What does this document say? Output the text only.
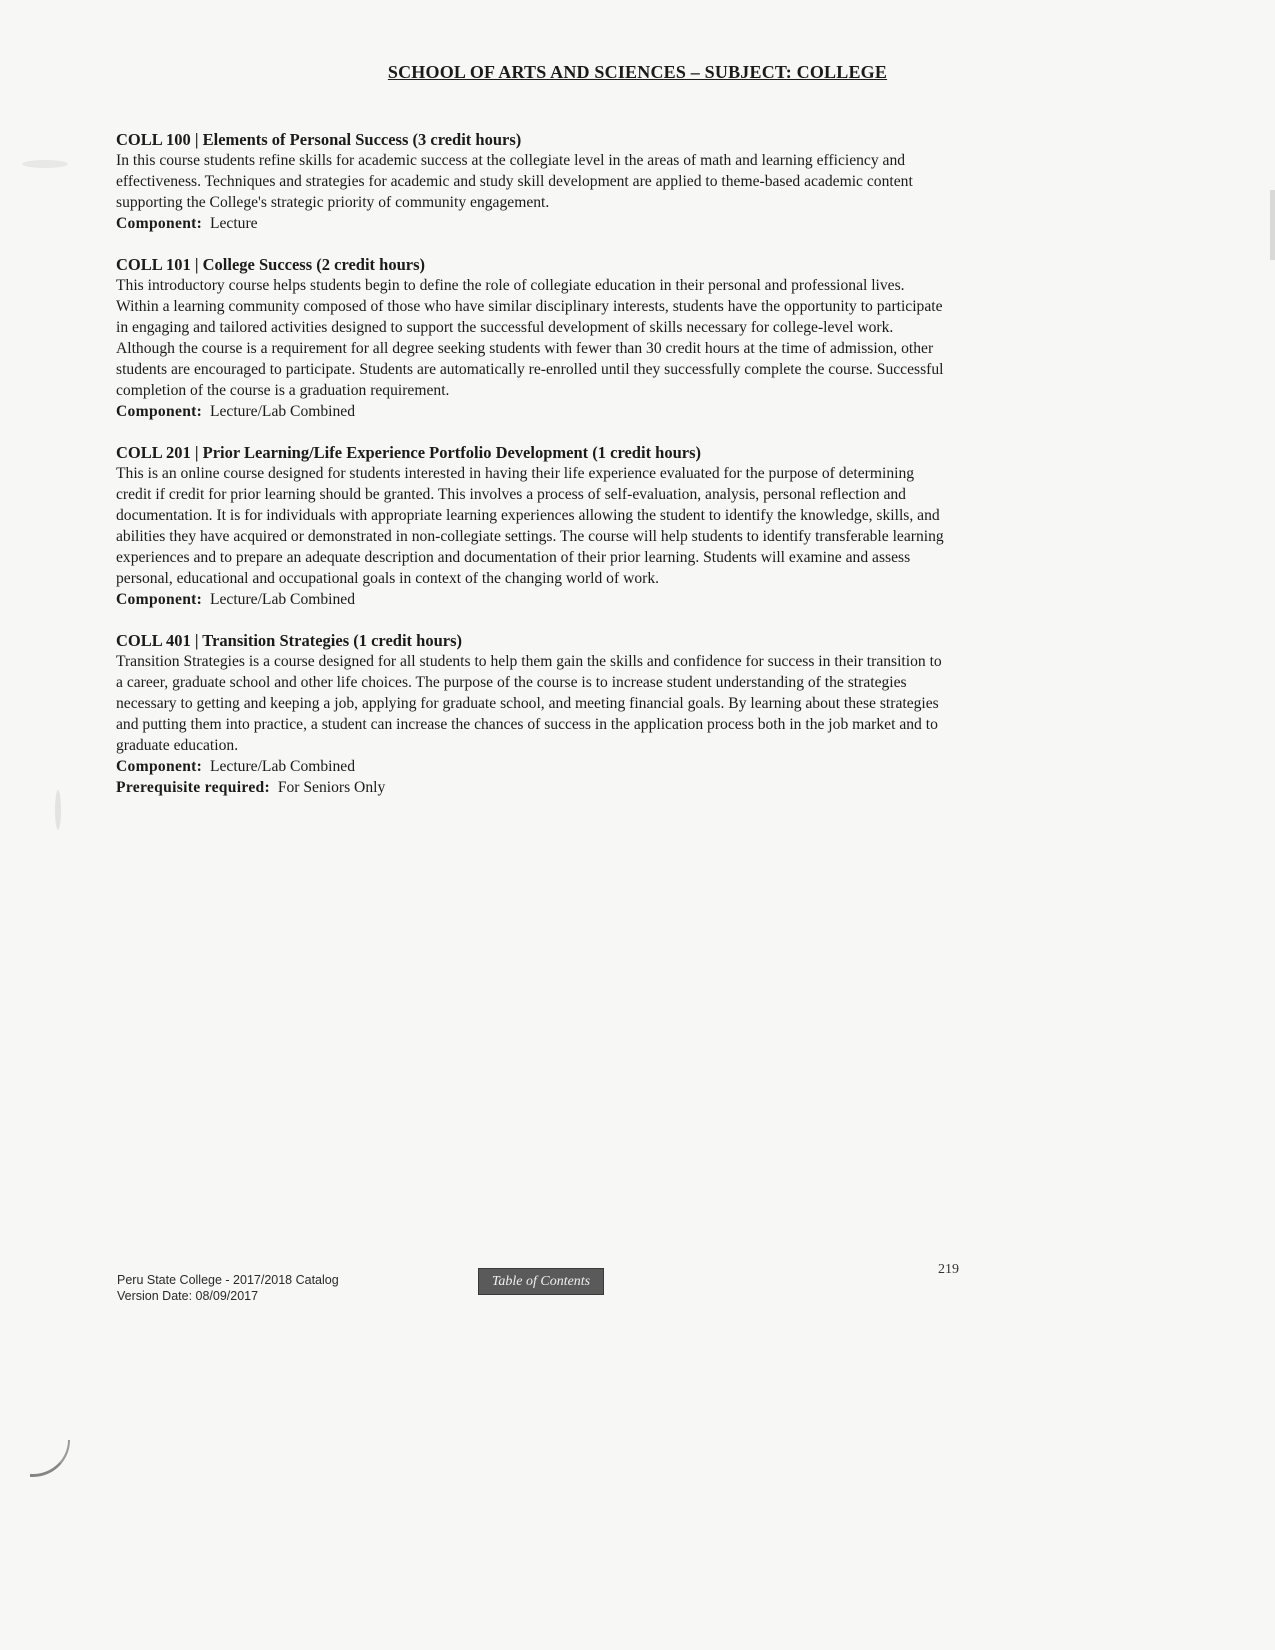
SCHOOL OF ARTS AND SCIENCES – SUBJECT: COLLEGE

COLL 100 | Elements of Personal Success (3 credit hours)

In this course students refine skills for academic success at the collegiate level in the areas of math and learning efficiency and effectiveness. Techniques and strategies for academic and study skill development are applied to theme-based academic content supporting the College's strategic priority of community engagement.

Component: Lecture

COLL 101 | College Success (2 credit hours)

This introductory course helps students begin to define the role of collegiate education in their personal and professional lives. Within a learning community composed of those who have similar disciplinary interests, students have the opportunity to participate in engaging and tailored activities designed to support the successful development of skills necessary for college-level work. Although the course is a requirement for all degree seeking students with fewer than 30 credit hours at the time of admission, other students are encouraged to participate. Students are automatically re-enrolled until they successfully complete the course. Successful completion of the course is a graduation requirement.

Component: Lecture/Lab Combined

COLL 201 | Prior Learning/Life Experience Portfolio Development (1 credit hours)

This is an online course designed for students interested in having their life experience evaluated for the purpose of determining credit if credit for prior learning should be granted. This involves a process of self-evaluation, analysis, personal reflection and documentation. It is for individuals with appropriate learning experiences allowing the student to identify the knowledge, skills, and abilities they have acquired or demonstrated in non-collegiate settings. The course will help students to identify transferable learning experiences and to prepare an adequate description and documentation of their prior learning. Students will examine and assess personal, educational and occupational goals in context of the changing world of work.

Component: Lecture/Lab Combined

COLL 401 | Transition Strategies (1 credit hours)

Transition Strategies is a course designed for all students to help them gain the skills and confidence for success in their transition to a career, graduate school and other life choices. The purpose of the course is to increase student understanding of the strategies necessary to getting and keeping a job, applying for graduate school, and meeting financial goals. By learning about these strategies and putting them into practice, a student can increase the chances of success in the application process both in the job market and to graduate education.

Component: Lecture/Lab Combined

Prerequisite required: For Seniors Only

Peru State College - 2017/2018 Catalog
Version Date: 08/09/2017
Table of Contents
219
